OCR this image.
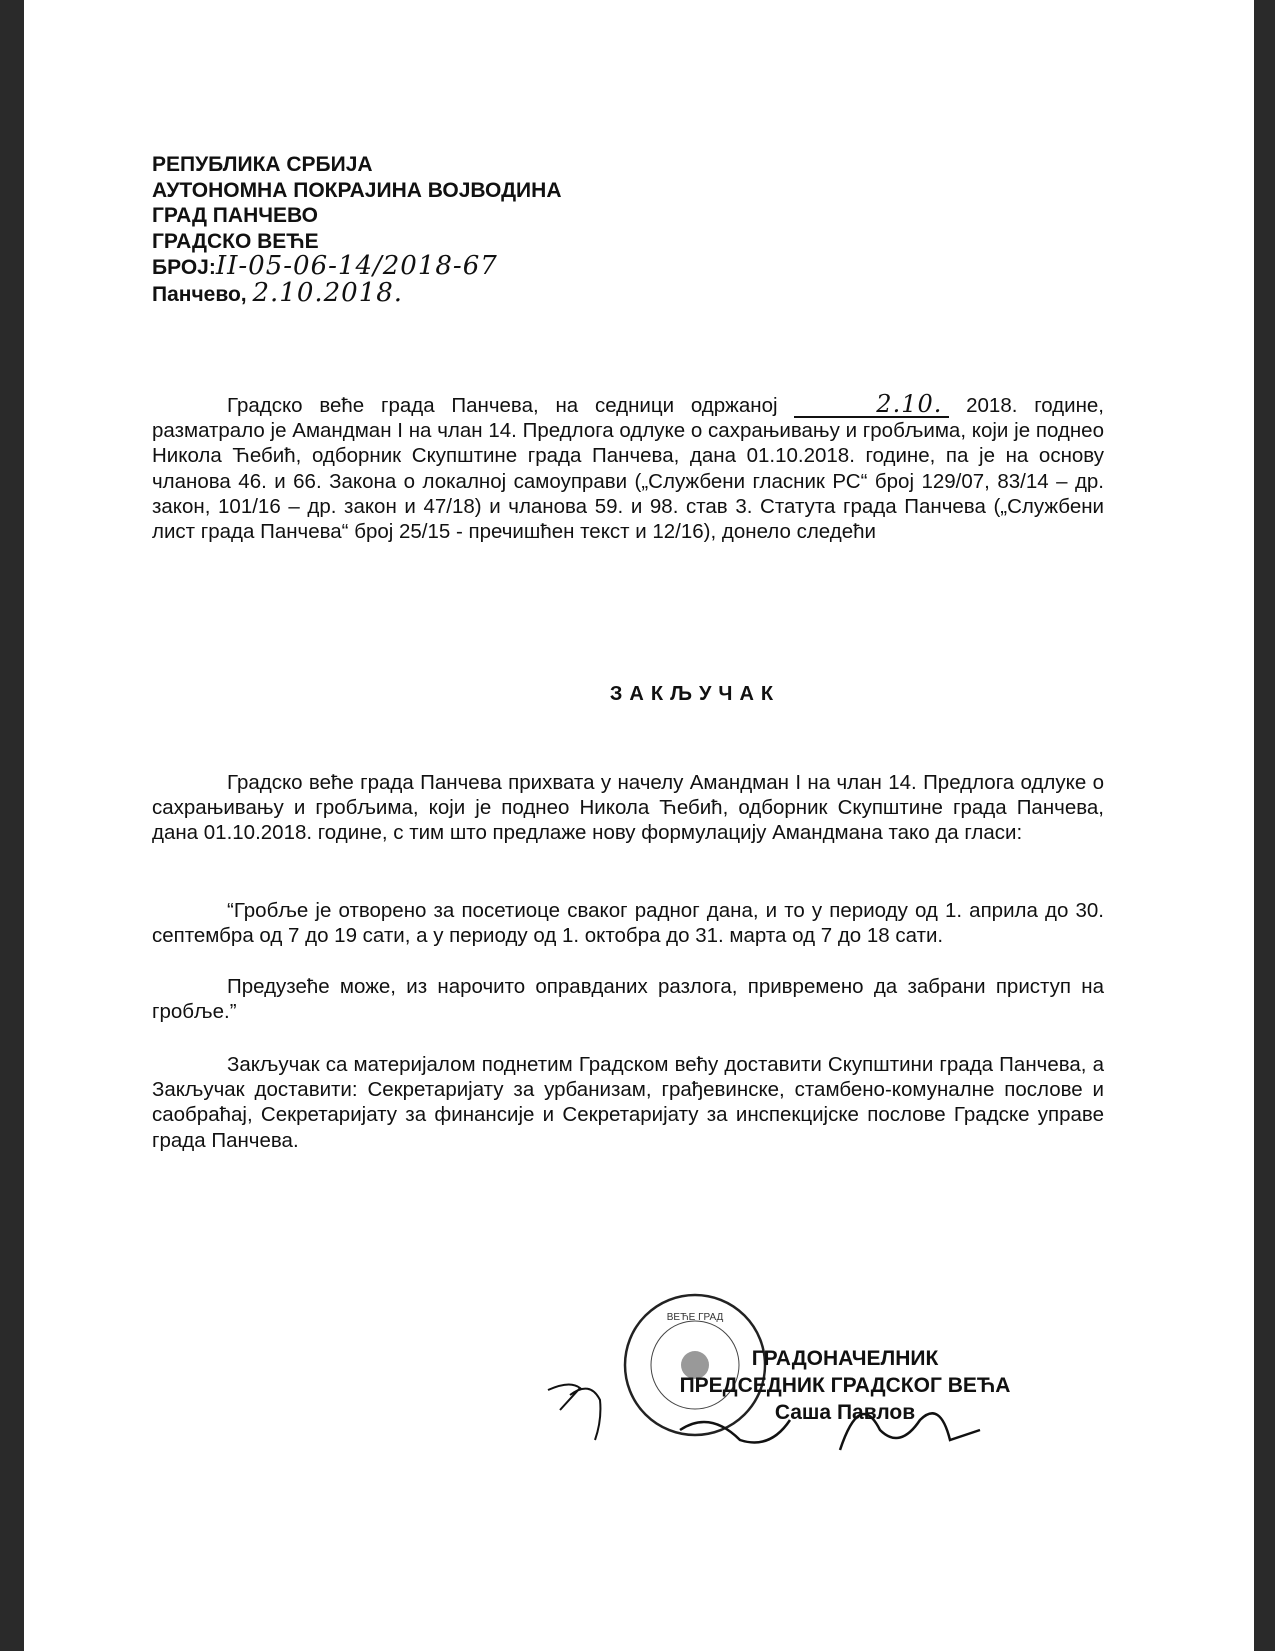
РЕПУБЛИКА СРБИЈА
АУТОНОМНА ПОКРАЈИНА ВОЈВОДИНА
ГРАД ПАНЧЕВО
ГРАДСКО ВЕЋЕ
БРОЈ:II-05-06-14/2018-67
Панчево, 2.10.2018.
Градско веће града Панчева, на седници одржаној	2.10. 2018. године, разматрало је Амандман I на члан 14. Предлога одлуке о сахрањивању и гробљима, који је поднео Никола Ћебић, одборник Скупштине града Панчева, дана 01.10.2018. године, па је на основу чланова 46. и 66. Закона о локалној самоуправи („Службени гласник РС“ број 129/07, 83/14 – др. закон, 101/16 – др. закон и 47/18) и чланова 59. и 98. став 3. Статута града Панчева („Службени лист града Панчева“ број 25/15 - пречишћен текст и 12/16), донело следећи
ЗАКЉУЧАК
Градско веће града Панчева прихвата у начелу Амандман I на члан 14. Предлога одлуке о сахрањивању и гробљима, који је поднео Никола Ћебић, одборник Скупштине града Панчева, дана 01.10.2018. године, с тим што предлаже нову формулацију Амандмана тако да гласи:
“Гробље је отворено за посетиоце сваког радног дана, и то у периоду од 1. априла до 30. септембра од 7 до 19 сати, а у периоду од 1. октобра до 31. марта од 7 до 18 сати.
Предузеће може, из нарочито оправданих разлога, привремено да забрани приступ на гробље.”
Закључак са материјалом поднетим Градском већу доставити Скупштини града Панчева, а Закључак доставити: Секретаријату за урбанизам, грађевинске, стамбено-комуналне послове и саобраћај, Секретаријату за финансије и Секретаријату за инспекцијске послове Градске управе града Панчева.
ВЕЋЕ ГРАД
ГРАДОНАЧЕЛНИК
ПРЕДСЕДНИК ГРАДСКОГ ВЕЋА
Саша Павлов
